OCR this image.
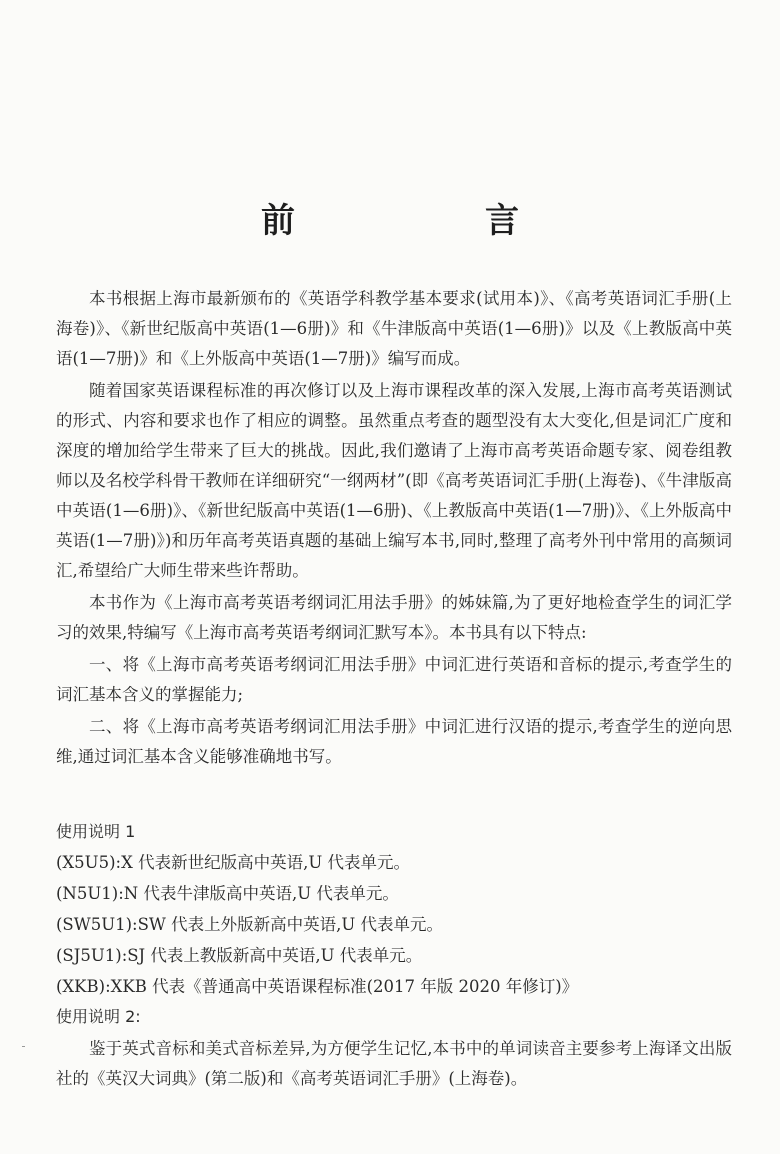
前　言

本书根据上海市最新颁布的《英语学科教学基本要求(试用本)》、《高考英语词汇手册(上海卷)》、《新世纪版高中英语(1—6册)》和《牛津版高中英语(1—6册)》以及《上教版高中英语(1—7册)》和《上外版高中英语(1—7册)》编写而成。

随着国家英语课程标准的再次修订以及上海市课程改革的深入发展,上海市高考英语测试的形式、内容和要求也作了相应的调整。虽然重点考查的题型没有太大变化,但是词汇广度和深度的增加给学生带来了巨大的挑战。因此,我们邀请了上海市高考英语命题专家、阅卷组教师以及名校学科骨干教师在详细研究“一纲两材”(即《高考英语词汇手册(上海卷)、《牛津版高中英语(1—6册)》、《新世纪版高中英语(1—6册)、《上教版高中英语(1—7册)》、《上外版高中英语(1—7册)》)和历年高考英语真题的基础上编写本书,同时,整理了高考外刊中常用的高频词汇,希望给广大师生带来些许帮助。

本书作为《上海市高考英语考纲词汇用法手册》的姊妹篇,为了更好地检查学生的词汇学习的效果,特编写《上海市高考英语考纲词汇默写本》。本书具有以下特点:

一、将《上海市高考英语考纲词汇用法手册》中词汇进行英语和音标的提示,考查学生的词汇基本含义的掌握能力;

二、将《上海市高考英语考纲词汇用法手册》中词汇进行汉语的提示,考查学生的逆向思维,通过词汇基本含义能够准确地书写。

使用说明 1
(X5U5):X 代表新世纪版高中英语,U 代表单元。
(N5U1):N 代表牛津版高中英语,U 代表单元。
(SW5U1):SW 代表上外版新高中英语,U 代表单元。
(SJ5U1):SJ 代表上教版新高中英语,U 代表单元。
(XKB):XKB 代表《普通高中英语课程标准(2017 年版 2020 年修订)》
使用说明 2:

鉴于英式音标和美式音标差异,为方便学生记忆,本书中的单词读音主要参考上海译文出版社的《英汉大词典》(第二版)和《高考英语词汇手册》(上海卷)。
